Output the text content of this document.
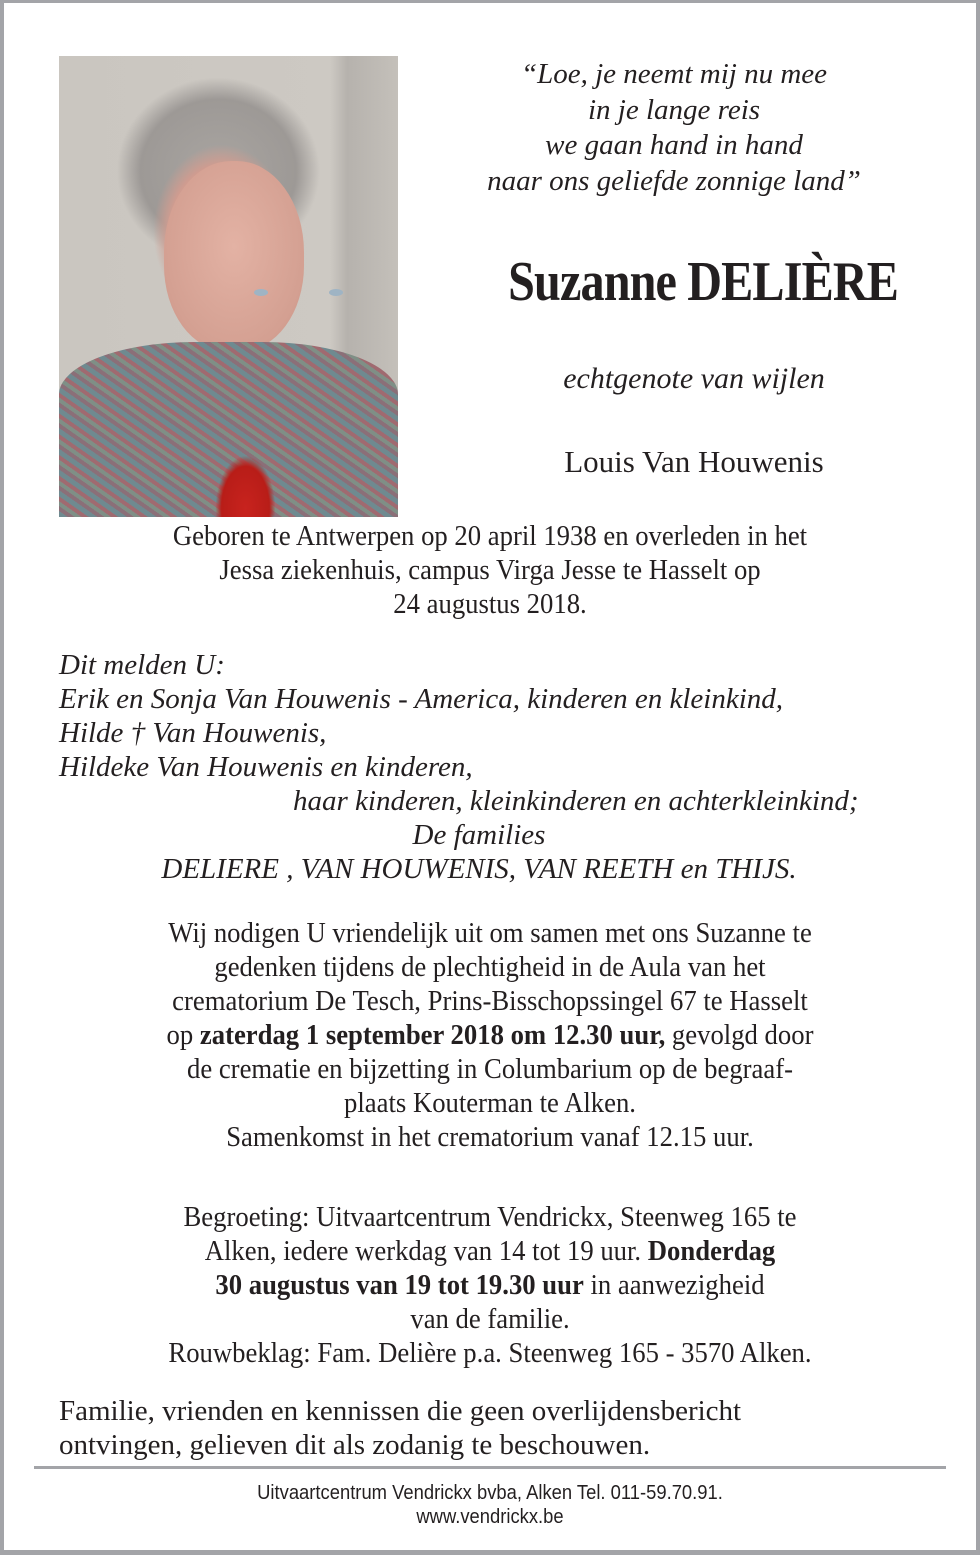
“Loe, je neemt mij nu mee
in je lange reis
we gaan hand in hand
naar ons geliefde zonnige land”
Suzanne DELIÈRE
echtgenote van wijlen
Louis Van Houwenis
Geboren te Antwerpen op 20 april 1938 en overleden in het
Jessa ziekenhuis, campus Virga Jesse te Hasselt op
24 augustus 2018.
Dit melden U:
Erik en Sonja Van Houwenis - America, kinderen en kleinkind,
Hilde † Van Houwenis,
Hildeke Van Houwenis en kinderen,
haar kinderen, kleinkinderen en achterkleinkind;
De families
DELIERE , VAN HOUWENIS, VAN REETH en THIJS.
Wij nodigen U vriendelijk uit om samen met ons Suzanne te
gedenken tijdens de plechtigheid in de Aula van het
crematorium De Tesch, Prins-Bisschopssingel 67 te Hasselt
op zaterdag 1 september 2018 om 12.30 uur, gevolgd door
de crematie en bijzetting in Columbarium op de begraaf-
plaats Kouterman te Alken.
Samenkomst in het crematorium vanaf 12.15 uur.
Begroeting: Uitvaartcentrum Vendrickx, Steenweg 165 te
Alken, iedere werkdag van 14 tot 19 uur. Donderdag
30 augustus van 19 tot 19.30 uur in aanwezigheid
van de familie.
Rouwbeklag: Fam. Delière p.a. Steenweg 165 - 3570 Alken.
Familie, vrienden en kennissen die geen overlijdensbericht
ontvingen, gelieven dit als zodanig te beschouwen.
Uitvaartcentrum Vendrickx bvba, Alken Tel. 011-59.70.91.
www.vendrickx.be
